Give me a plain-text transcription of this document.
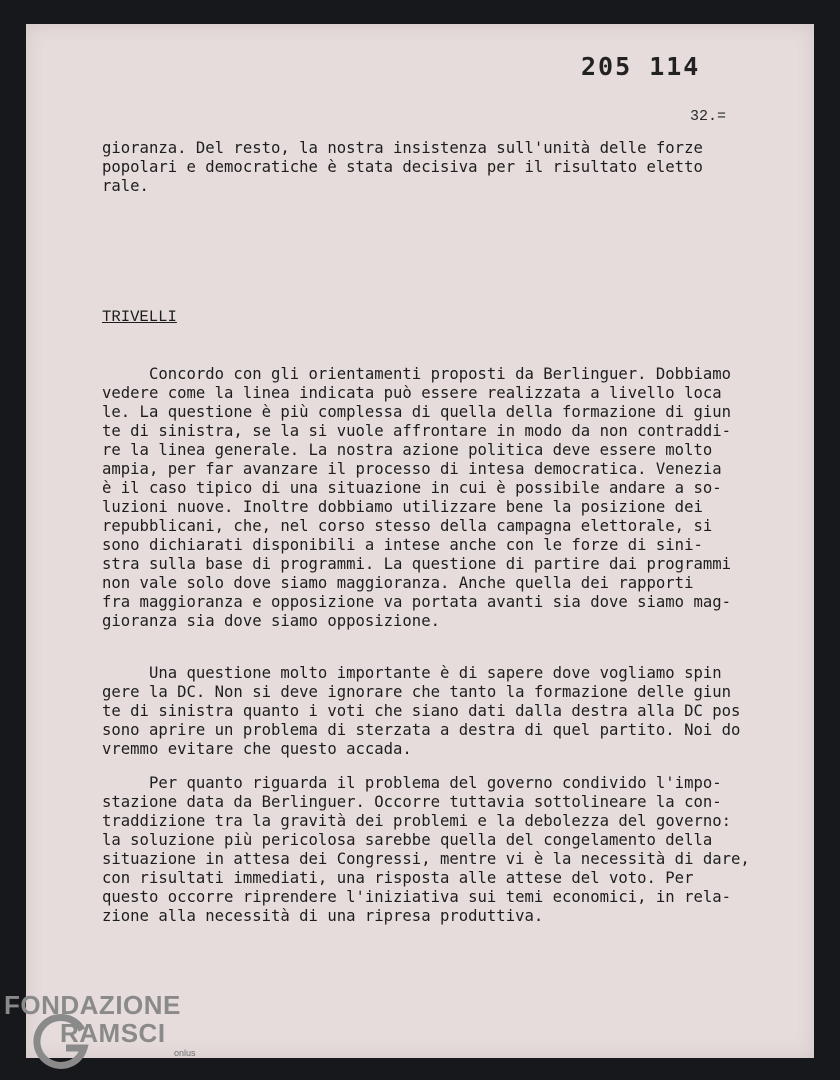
205 114
32.=
gioranza. Del resto, la nostra insistenza sull'unità delle forze
popolari e democratiche è stata decisiva per il risultato eletto
rale.
TRIVELLI
Concordo con gli orientamenti proposti da Berlinguer. Dobbiamo
vedere come la linea indicata può essere realizzata a livello loca
le. La questione è più complessa di quella della formazione di giun
te di sinistra, se la si vuole affrontare in modo da non contraddi-
re la linea generale. La nostra azione politica deve essere molto
ampia, per far avanzare il processo di intesa democratica. Venezia
è il caso tipico di una situazione in cui è possibile andare a so-
luzioni nuove. Inoltre dobbiamo utilizzare bene la posizione dei
repubblicani, che, nel corso stesso della campagna elettorale, si
sono dichiarati disponibili a intese anche con le forze di sini-
stra sulla base di programmi. La questione di partire dai programmi
non vale solo dove siamo maggioranza. Anche quella dei rapporti
fra maggioranza e opposizione va portata avanti sia dove siamo mag-
gioranza sia dove siamo opposizione.
Una questione molto importante è di sapere dove vogliamo spin
gere la DC. Non si deve ignorare che tanto la formazione delle giun
te di sinistra quanto i voti che siano dati dalla destra alla DC pos
sono aprire un problema di sterzata a destra di quel partito. Noi do
vremmo evitare che questo accada.
Per quanto riguarda il problema del governo condivido l'impo-
stazione data da Berlinguer. Occorre tuttavia sottolineare la con-
traddizione tra la gravità dei problemi e la debolezza del governo:
la soluzione più pericolosa sarebbe quella del congelamento della
situazione in attesa dei Congressi, mentre vi è la necessità di dare,
con risultati immediati, una risposta alle attese del voto. Per
questo occorre riprendere l'iniziativa sui temi economici, in rela-
zione alla necessità di una ripresa produttiva.
FONDAZIONE
RAMSCI
onlus
